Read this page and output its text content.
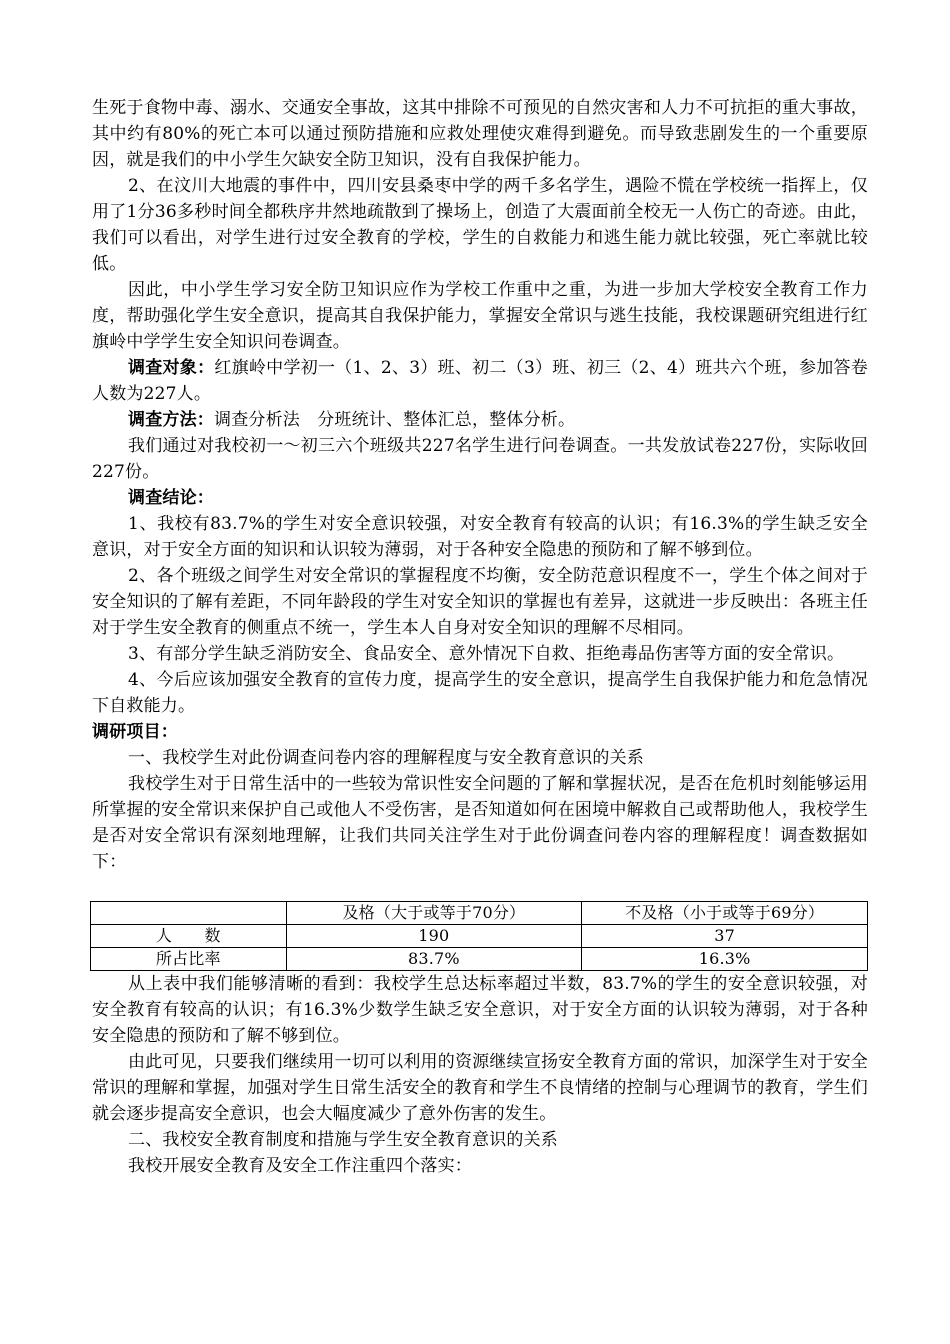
生死于食物中毒、溺水、交通安全事故，这其中排除不可预见的自然灾害和人力不可抗拒的重大事故，其中约有80%的死亡本可以通过预防措施和应救处理使灾难得到避免。而导致悲剧发生的一个重要原因，就是我们的中小学生欠缺安全防卫知识，没有自我保护能力。

2、在汶川大地震的事件中，四川安县桑枣中学的两千多名学生，遇险不慌在学校统一指挥上，仅用了1分36多秒时间全都秩序井然地疏散到了操场上，创造了大震面前全校无一人伤亡的奇迹。由此，我们可以看出，对学生进行过安全教育的学校，学生的自救能力和逃生能力就比较强，死亡率就比较低。

因此，中小学生学习安全防卫知识应作为学校工作重中之重，为进一步加大学校安全教育工作力度，帮助强化学生安全意识，提高其自我保护能力，掌握安全常识与逃生技能，我校课题研究组进行红旗岭中学学生安全知识问卷调查。

调查对象：红旗岭中学初一（1、2、3）班、初二（3）班、初三（2、4）班共六个班，参加答卷人数为227人。

调查方法：调查分析法　分班统计、整体汇总，整体分析。

我们通过对我校初一～初三六个班级共227名学生进行问卷调查。一共发放试卷227份，实际收回227份。

调查结论：

1、我校有83.7%的学生对安全意识较强，对安全教育有较高的认识；有16.3%的学生缺乏安全意识，对于安全方面的知识和认识较为薄弱，对于各种安全隐患的预防和了解不够到位。

2、各个班级之间学生对安全常识的掌握程度不均衡，安全防范意识程度不一，学生个体之间对于安全知识的了解有差距，不同年龄段的学生对安全知识的掌握也有差异，这就进一步反映出：各班主任对于学生安全教育的侧重点不统一，学生本人自身对安全知识的理解不尽相同。

3、有部分学生缺乏消防安全、食品安全、意外情况下自救、拒绝毒品伤害等方面的安全常识。

4、今后应该加强安全教育的宣传力度，提高学生的安全意识，提高学生自我保护能力和危急情况下自救能力。

调研项目：

一、我校学生对此份调查问卷内容的理解程度与安全教育意识的关系

我校学生对于日常生活中的一些较为常识性安全问题的了解和掌握状况，是否在危机时刻能够运用所掌握的安全常识来保护自己或他人不受伤害，是否知道如何在困境中解救自己或帮助他人，我校学生是否对安全常识有深刻地理解，让我们共同关注学生对于此份调查问卷内容的理解程度！调查数据如下：

	及格（大于或等于70分）	不及格（小于或等于69分）
人　　数	190	37
所占比率	83.7%	16.3%

从上表中我们能够清晰的看到：我校学生总达标率超过半数，83.7%的学生的安全意识较强，对安全教育有较高的认识；有16.3%少数学生缺乏安全意识，对于安全方面的认识较为薄弱，对于各种安全隐患的预防和了解不够到位。

由此可见，只要我们继续用一切可以利用的资源继续宣扬安全教育方面的常识，加深学生对于安全常识的理解和掌握，加强对学生日常生活安全的教育和学生不良情绪的控制与心理调节的教育，学生们就会逐步提高安全意识，也会大幅度减少了意外伤害的发生。

二、我校安全教育制度和措施与学生安全教育意识的关系

我校开展安全教育及安全工作注重四个落实：
